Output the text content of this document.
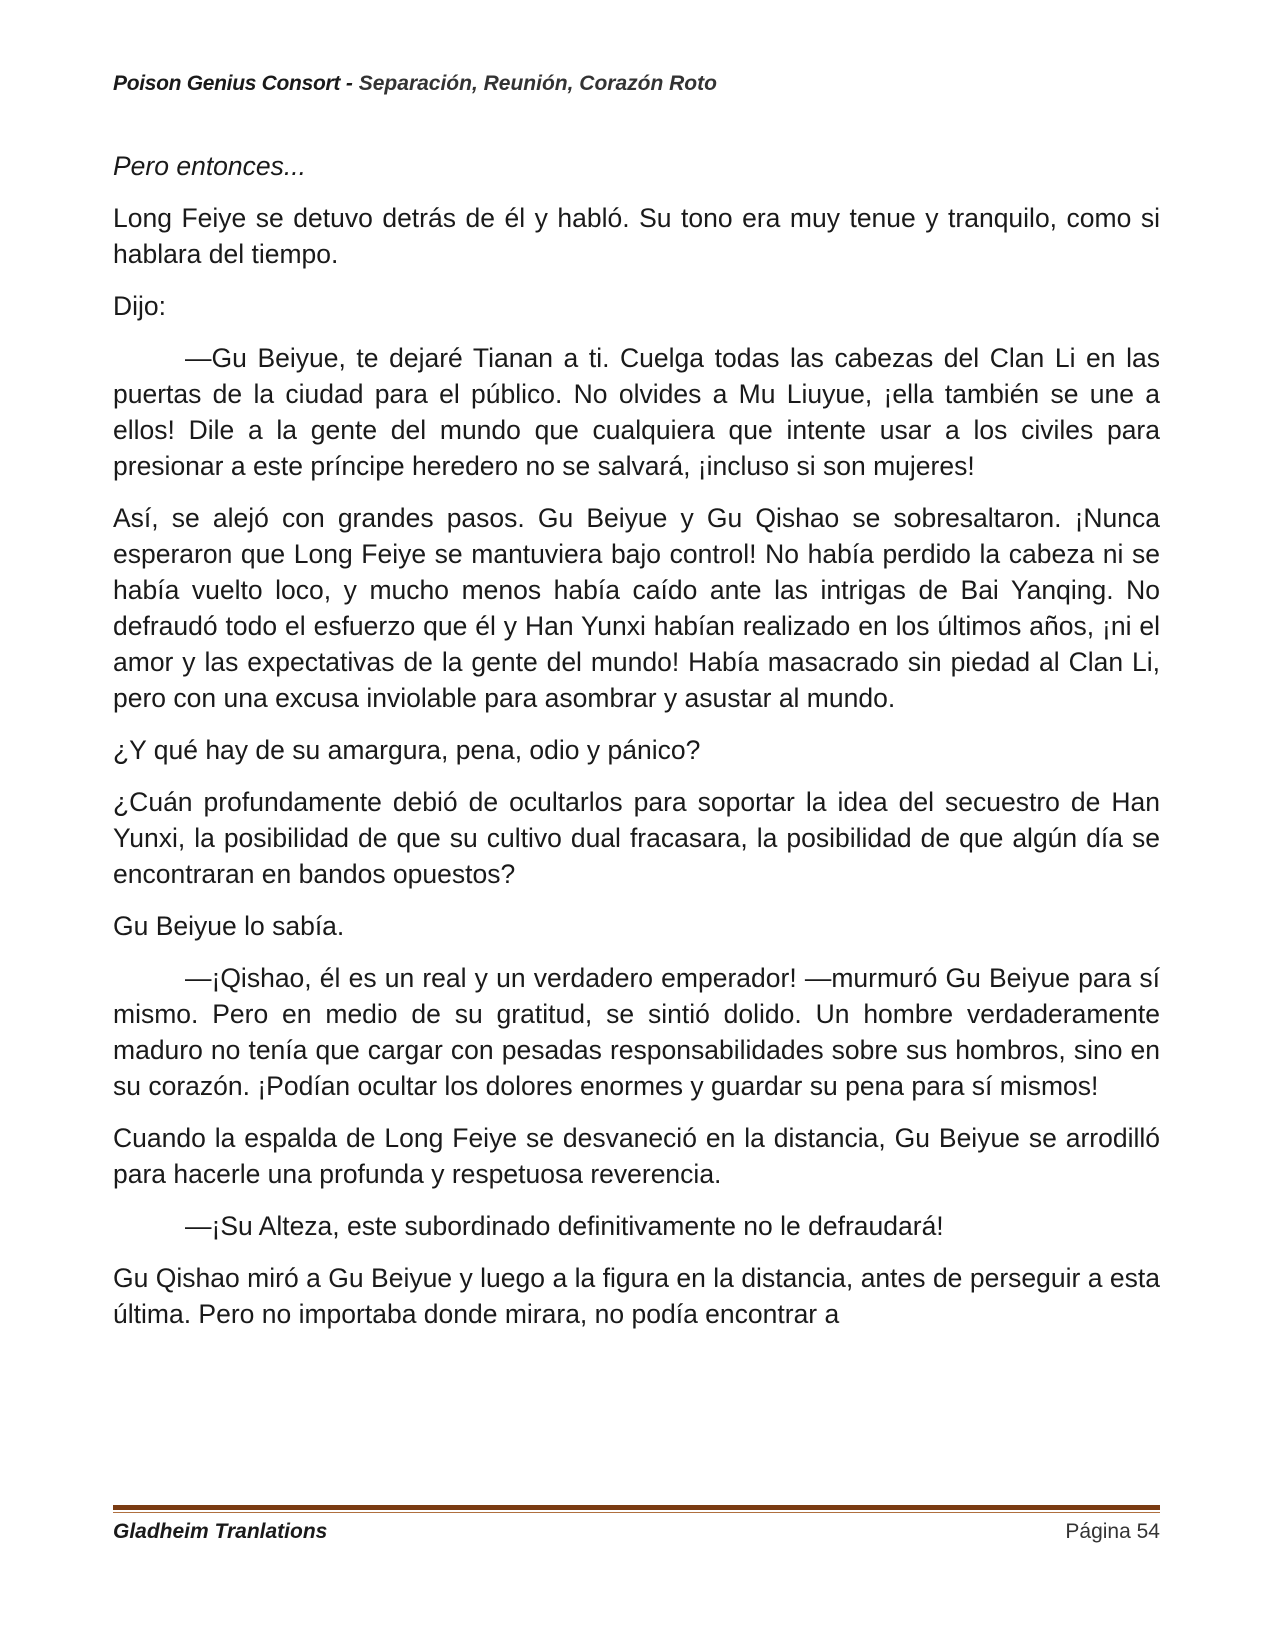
Poison Genius Consort - Separación, Reunión, Corazón Roto

Pero entonces...

Long Feiye se detuvo detrás de él y habló. Su tono era muy tenue y tranquilo, como si hablara del tiempo.

Dijo:

—Gu Beiyue, te dejaré Tianan a ti. Cuelga todas las cabezas del Clan Li en las puertas de la ciudad para el público. No olvides a Mu Liuyue, ¡ella también se une a ellos! Dile a la gente del mundo que cualquiera que intente usar a los civiles para presionar a este príncipe heredero no se salvará, ¡incluso si son mujeres!

Así, se alejó con grandes pasos. Gu Beiyue y Gu Qishao se sobresaltaron. ¡Nunca esperaron que Long Feiye se mantuviera bajo control! No había perdido la cabeza ni se había vuelto loco, y mucho menos había caído ante las intrigas de Bai Yanqing. No defraudó todo el esfuerzo que él y Han Yunxi habían realizado en los últimos años, ¡ni el amor y las expectativas de la gente del mundo! Había masacrado sin piedad al Clan Li, pero con una excusa inviolable para asombrar y asustar al mundo.

¿Y qué hay de su amargura, pena, odio y pánico?

¿Cuán profundamente debió de ocultarlos para soportar la idea del secuestro de Han Yunxi, la posibilidad de que su cultivo dual fracasara, la posibilidad de que algún día se encontraran en bandos opuestos?

Gu Beiyue lo sabía.

—¡Qishao, él es un real y un verdadero emperador! —murmuró Gu Beiyue para sí mismo. Pero en medio de su gratitud, se sintió dolido. Un hombre verdaderamente maduro no tenía que cargar con pesadas responsabilidades sobre sus hombros, sino en su corazón. ¡Podían ocultar los dolores enormes y guardar su pena para sí mismos!

Cuando la espalda de Long Feiye se desvaneció en la distancia, Gu Beiyue se arrodilló para hacerle una profunda y respetuosa reverencia.

—¡Su Alteza, este subordinado definitivamente no le defraudará!

Gu Qishao miró a Gu Beiyue y luego a la figura en la distancia, antes de perseguir a esta última. Pero no importaba donde mirara, no podía encontrar a

Gladheim Tranlations	Página 54
